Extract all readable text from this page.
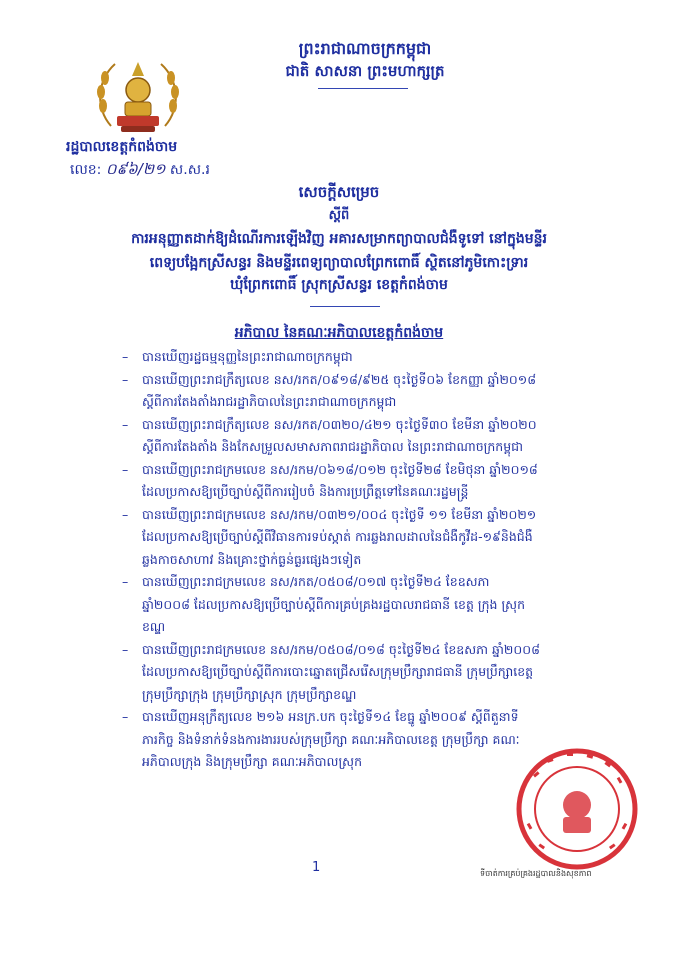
ព្រះរាជាណាចក្រកម្ពុជា
ជាតិ សាសនា ព្រះមហាក្សត្រ
រដ្ឋបាលខេត្តកំពង់ចាម
លេខ: ០៩៦/២១ ស.ស.រ
សេចក្តីសម្រេច
ស្តីពី
ការអនុញ្ញាតដាក់ឱ្យដំណើរការឡើងវិញ អគារសម្រាកព្យាបាលជំងឺទូទៅ នៅក្នុងមន្ទីរ
ពេទ្យបង្អែកស្រីសន្ធរ និងមន្ទីរពេទ្យព្យាបាលព្រែកពោធិ៍ ស្ថិតនៅភូមិកោះទ្រារ
ឃុំព្រែកពោធិ៍ ស្រុកស្រីសន្ធរ ខេត្តកំពង់ចាម
អភិបាល នៃគណៈអភិបាលខេត្តកំពង់ចាម

– បានឃើញរដ្ឋធម្មនុញ្ញនៃព្រះរាជាណាចក្រកម្ពុជា

– បានឃើញព្រះរាជក្រឹត្យលេខ នស/រកត/០៩១៨/៩២៥ ចុះថ្ងៃទី០៦ ខែកញ្ញា ឆ្នាំ២០១៨ ស្តីពីការតែងតាំងរាជរដ្ឋាភិបាលនៃព្រះរាជាណាចក្រកម្ពុជា

– បានឃើញព្រះរាជក្រឹត្យលេខ នស/រកត/០៣២០/៤២១ ចុះថ្ងៃទី៣០ ខែមីនា ឆ្នាំ២០២០ ស្តីពីការតែងតាំង និងកែសម្រួលសមាសភាពរាជរដ្ឋាភិបាល នៃព្រះរាជាណាចក្រកម្ពុជា

– បានឃើញព្រះរាជក្រមលេខ នស/រកម/០៦១៨/០១២ ចុះថ្ងៃទី២៨ ខែមិថុនា ឆ្នាំ២០១៨ ដែលប្រកាសឱ្យប្រើច្បាប់ស្តីពីការរៀបចំ និងការប្រព្រឹត្តទៅនៃគណៈរដ្ឋមន្ត្រី

– បានឃើញព្រះរាជក្រមលេខ នស/រកម/០៣២១/០០៤ ចុះថ្ងៃទី ១១ ខែមីនា ឆ្នាំ២០២១ ដែលប្រកាសឱ្យប្រើច្បាប់ស្តីពីវិធានការទប់ស្កាត់ ការឆ្លងរាលដាលនៃជំងឺកូវីដ-១៩និងជំងឺឆ្លងកាចសាហាវ និងគ្រោះថ្នាក់ធ្ងន់ធ្ងរផ្សេងៗទៀត

– បានឃើញព្រះរាជក្រមលេខ នស/រកត/០៥០៨/០១៧ ចុះថ្ងៃទី២៤ ខែឧសភា ឆ្នាំ២០០៨ ដែលប្រកាសឱ្យប្រើច្បាប់ស្តីពីការគ្រប់គ្រងរដ្ឋបាលរាជធានី ខេត្ត ក្រុង ស្រុក ខណ្ឌ

– បានឃើញព្រះរាជក្រមលេខ នស/រកម/០៥០៨/០១៨ ចុះថ្ងៃទី២៤ ខែឧសភា ឆ្នាំ២០០៨ ដែលប្រកាសឱ្យប្រើច្បាប់ស្តីពីការបោះឆ្នោតជ្រើសរើសក្រុមប្រឹក្សារាជធានី ក្រុមប្រឹក្សាខេត្ត ក្រុមប្រឹក្សាក្រុង ក្រុមប្រឹក្សាស្រុក ក្រុមប្រឹក្សាខណ្ឌ

– បានឃើញអនុក្រឹត្យលេខ ២១៦ អនក្រ.បក ចុះថ្ងៃទី១៤ ខែធ្នូ ឆ្នាំ២០០៩ ស្តីពីតួនាទីភារកិច្ច និងទំនាក់ទំនងការងាររបស់ក្រុមប្រឹក្សា គណៈអភិបាលខេត្ត ក្រុមប្រឹក្សា គណៈអភិបាលក្រុង និងក្រុមប្រឹក្សា គណៈអភិបាលស្រុក

1	ទីចាត់ការគ្រប់គ្រងរដ្ឋបាលនិងសុខភាព
